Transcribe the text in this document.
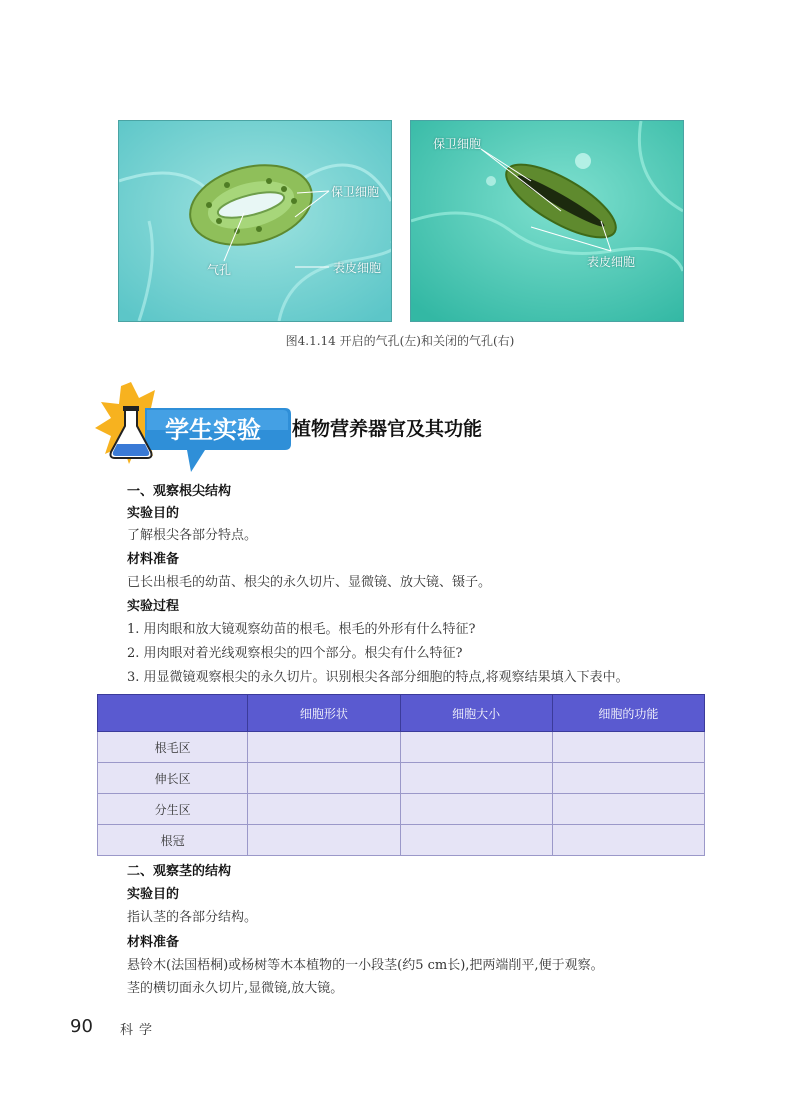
保卫细胞
气孔	表皮细胞
保卫细胞
表皮细胞
图4.1.14 开启的气孔(左)和关闭的气孔(右)
学生实验 植物营养器官及其功能
一、观察根尖结构
实验目的
了解根尖各部分特点。
材料准备
已长出根毛的幼苗、根尖的永久切片、显微镜、放大镜、镊子。
实验过程
1. 用肉眼和放大镜观察幼苗的根毛。根毛的外形有什么特征?
2. 用肉眼对着光线观察根尖的四个部分。根尖有什么特征?
3. 用显微镜观察根尖的永久切片。识别根尖各部分细胞的特点,将观察结果填入下表中。
	细胞形状	细胞大小	细胞的功能
根毛区			
伸长区			
分生区			
根冠			
二、观察茎的结构
实验目的
指认茎的各部分结构。
材料准备
悬铃木(法国梧桐)或杨树等木本植物的一小段茎(约5 cm长),把两端削平,便于观察。
茎的横切面永久切片,显微镜,放大镜。
90 科学
